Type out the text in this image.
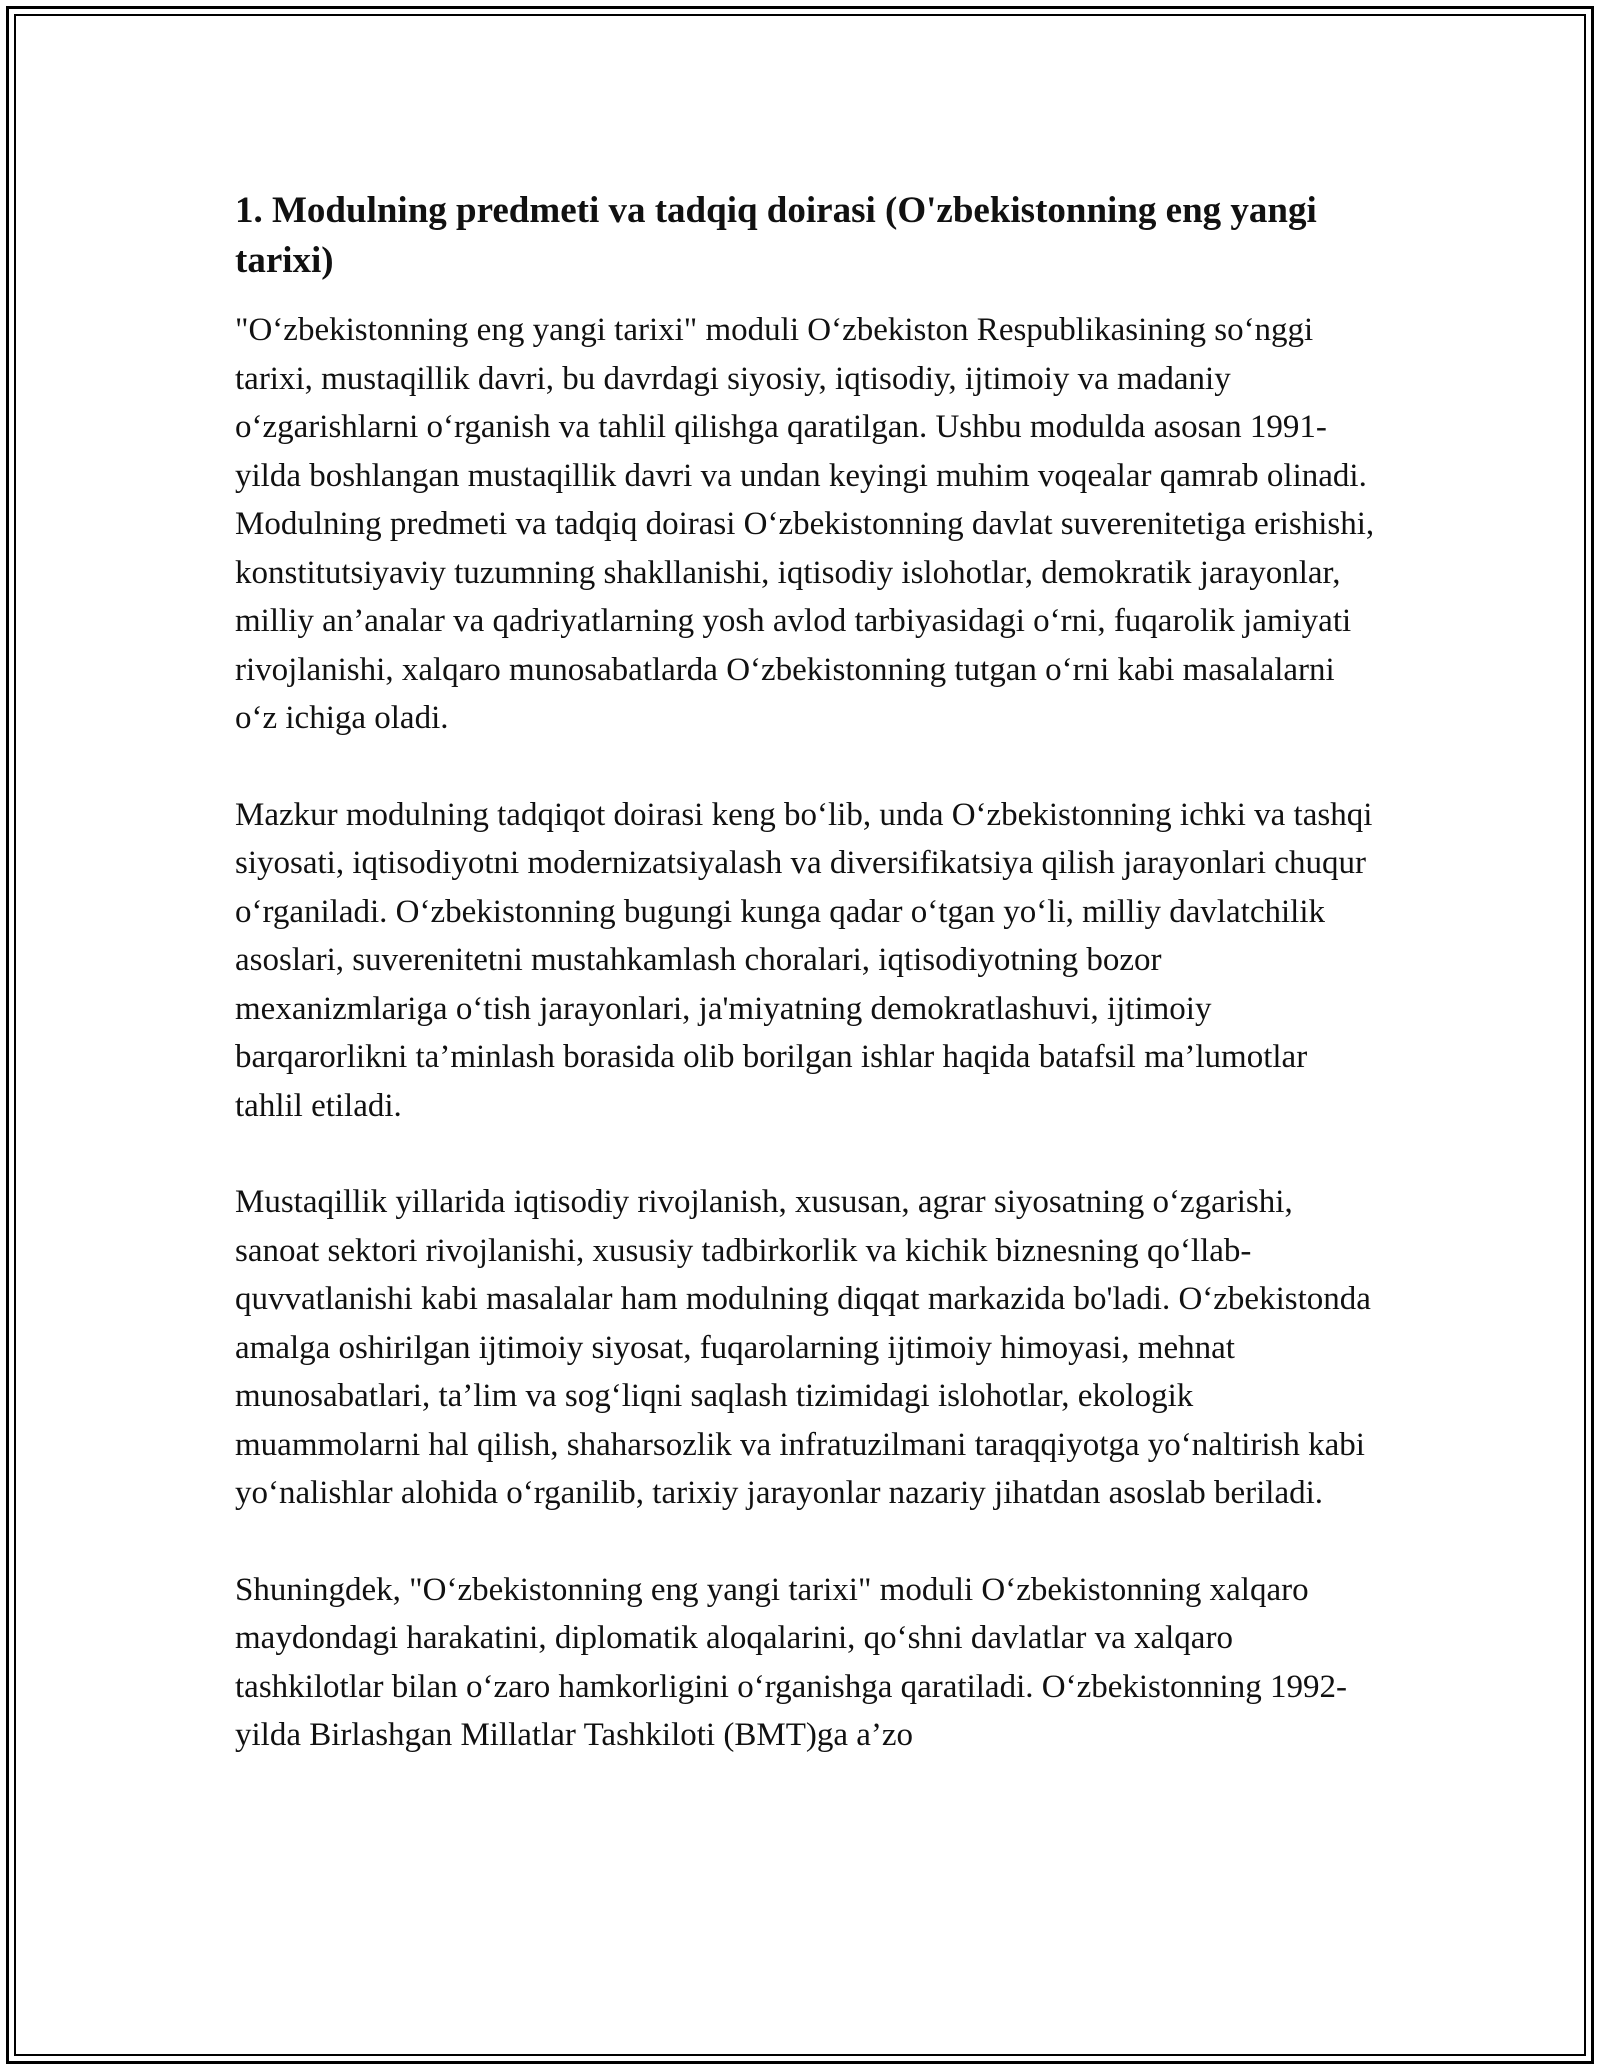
1. Modulning predmeti va tadqiq doirasi (O'zbekistonning eng yangi tarixi)

"O‘zbekistonning eng yangi tarixi" moduli O‘zbekiston Respublikasining so‘nggi tarixi, mustaqillik davri, bu davrdagi siyosiy, iqtisodiy, ijtimoiy va madaniy o‘zgarishlarni o‘rganish va tahlil qilishga qaratilgan. Ushbu modulda asosan 1991-yilda boshlangan mustaqillik davri va undan keyingi muhim voqealar qamrab olinadi. Modulning predmeti va tadqiq doirasi O‘zbekistonning davlat suverenitetiga erishishi, konstitutsiyaviy tuzumning shakllanishi, iqtisodiy islohotlar, demokratik jarayonlar, milliy an’analar va qadriyatlarning yosh avlod tarbiyasidagi o‘rni, fuqarolik jamiyati rivojlanishi, xalqaro munosabatlarda O‘zbekistonning tutgan o‘rni kabi masalalarni o‘z ichiga oladi.

Mazkur modulning tadqiqot doirasi keng bo‘lib, unda O‘zbekistonning ichki va tashqi siyosati, iqtisodiyotni modernizatsiyalash va diversifikatsiya qilish jarayonlari chuqur o‘rganiladi. O‘zbekistonning bugungi kunga qadar o‘tgan yo‘li, milliy davlatchilik asoslari, suverenitetni mustahkamlash choralari, iqtisodiyotning bozor mexanizmlariga o‘tish jarayonlari, ja'miyatning demokratlashuvi, ijtimoiy barqarorlikni ta’minlash borasida olib borilgan ishlar haqida batafsil ma’lumotlar tahlil etiladi.

Mustaqillik yillarida iqtisodiy rivojlanish, xususan, agrar siyosatning o‘zgarishi, sanoat sektori rivojlanishi, xususiy tadbirkorlik va kichik biznesning qo‘llab-quvvatlanishi kabi masalalar ham modulning diqqat markazida bo'ladi. O‘zbekistonda amalga oshirilgan ijtimoiy siyosat, fuqarolarning ijtimoiy himoyasi, mehnat munosabatlari, ta’lim va sog‘liqni saqlash tizimidagi islohotlar, ekologik muammolarni hal qilish, shaharsozlik va infratuzilmani taraqqiyotga yo‘naltirish kabi yo‘nalishlar alohida o‘rganilib, tarixiy jarayonlar nazariy jihatdan asoslab beriladi.

Shuningdek, "O‘zbekistonning eng yangi tarixi" moduli O‘zbekistonning xalqaro maydondagi harakatini, diplomatik aloqalarini, qo‘shni davlatlar va xalqaro tashkilotlar bilan o‘zaro hamkorligini o‘rganishga qaratiladi. O‘zbekistonning 1992-yilda Birlashgan Millatlar Tashkiloti (BMT)ga a’zo
